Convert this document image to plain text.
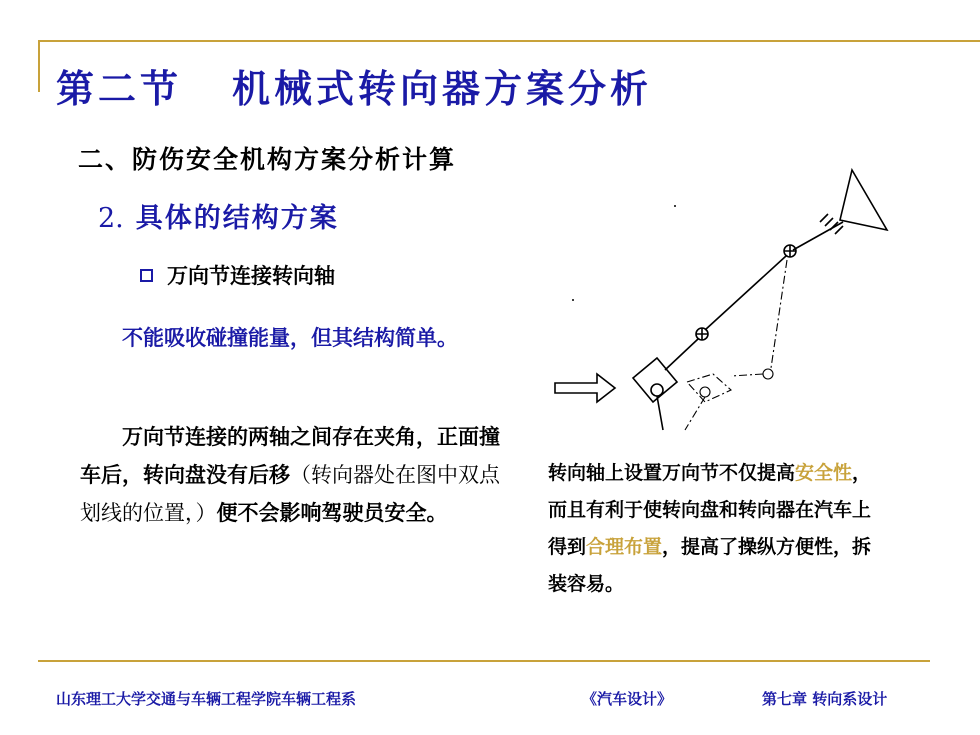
第二节 机械式转向器方案分析
二、防伤安全机构方案分析计算
2. 具体的结构方案
万向节连接转向轴
不能吸收碰撞能量，但其结构简单。
万向节连接的两轴之间存在夹角，正面撞车后，转向盘没有后移（转向器处在图中双点划线的位置，）便不会影响驾驶员安全。
转向轴上设置万向节不仅提高安全性，而且有利于使转向盘和转向器在汽车上得到合理布置，提高了操纵方便性，拆装容易。
山东理工大学交通与车辆工程学院车辆工程系	《汽车设计》	第七章 转向系设计
